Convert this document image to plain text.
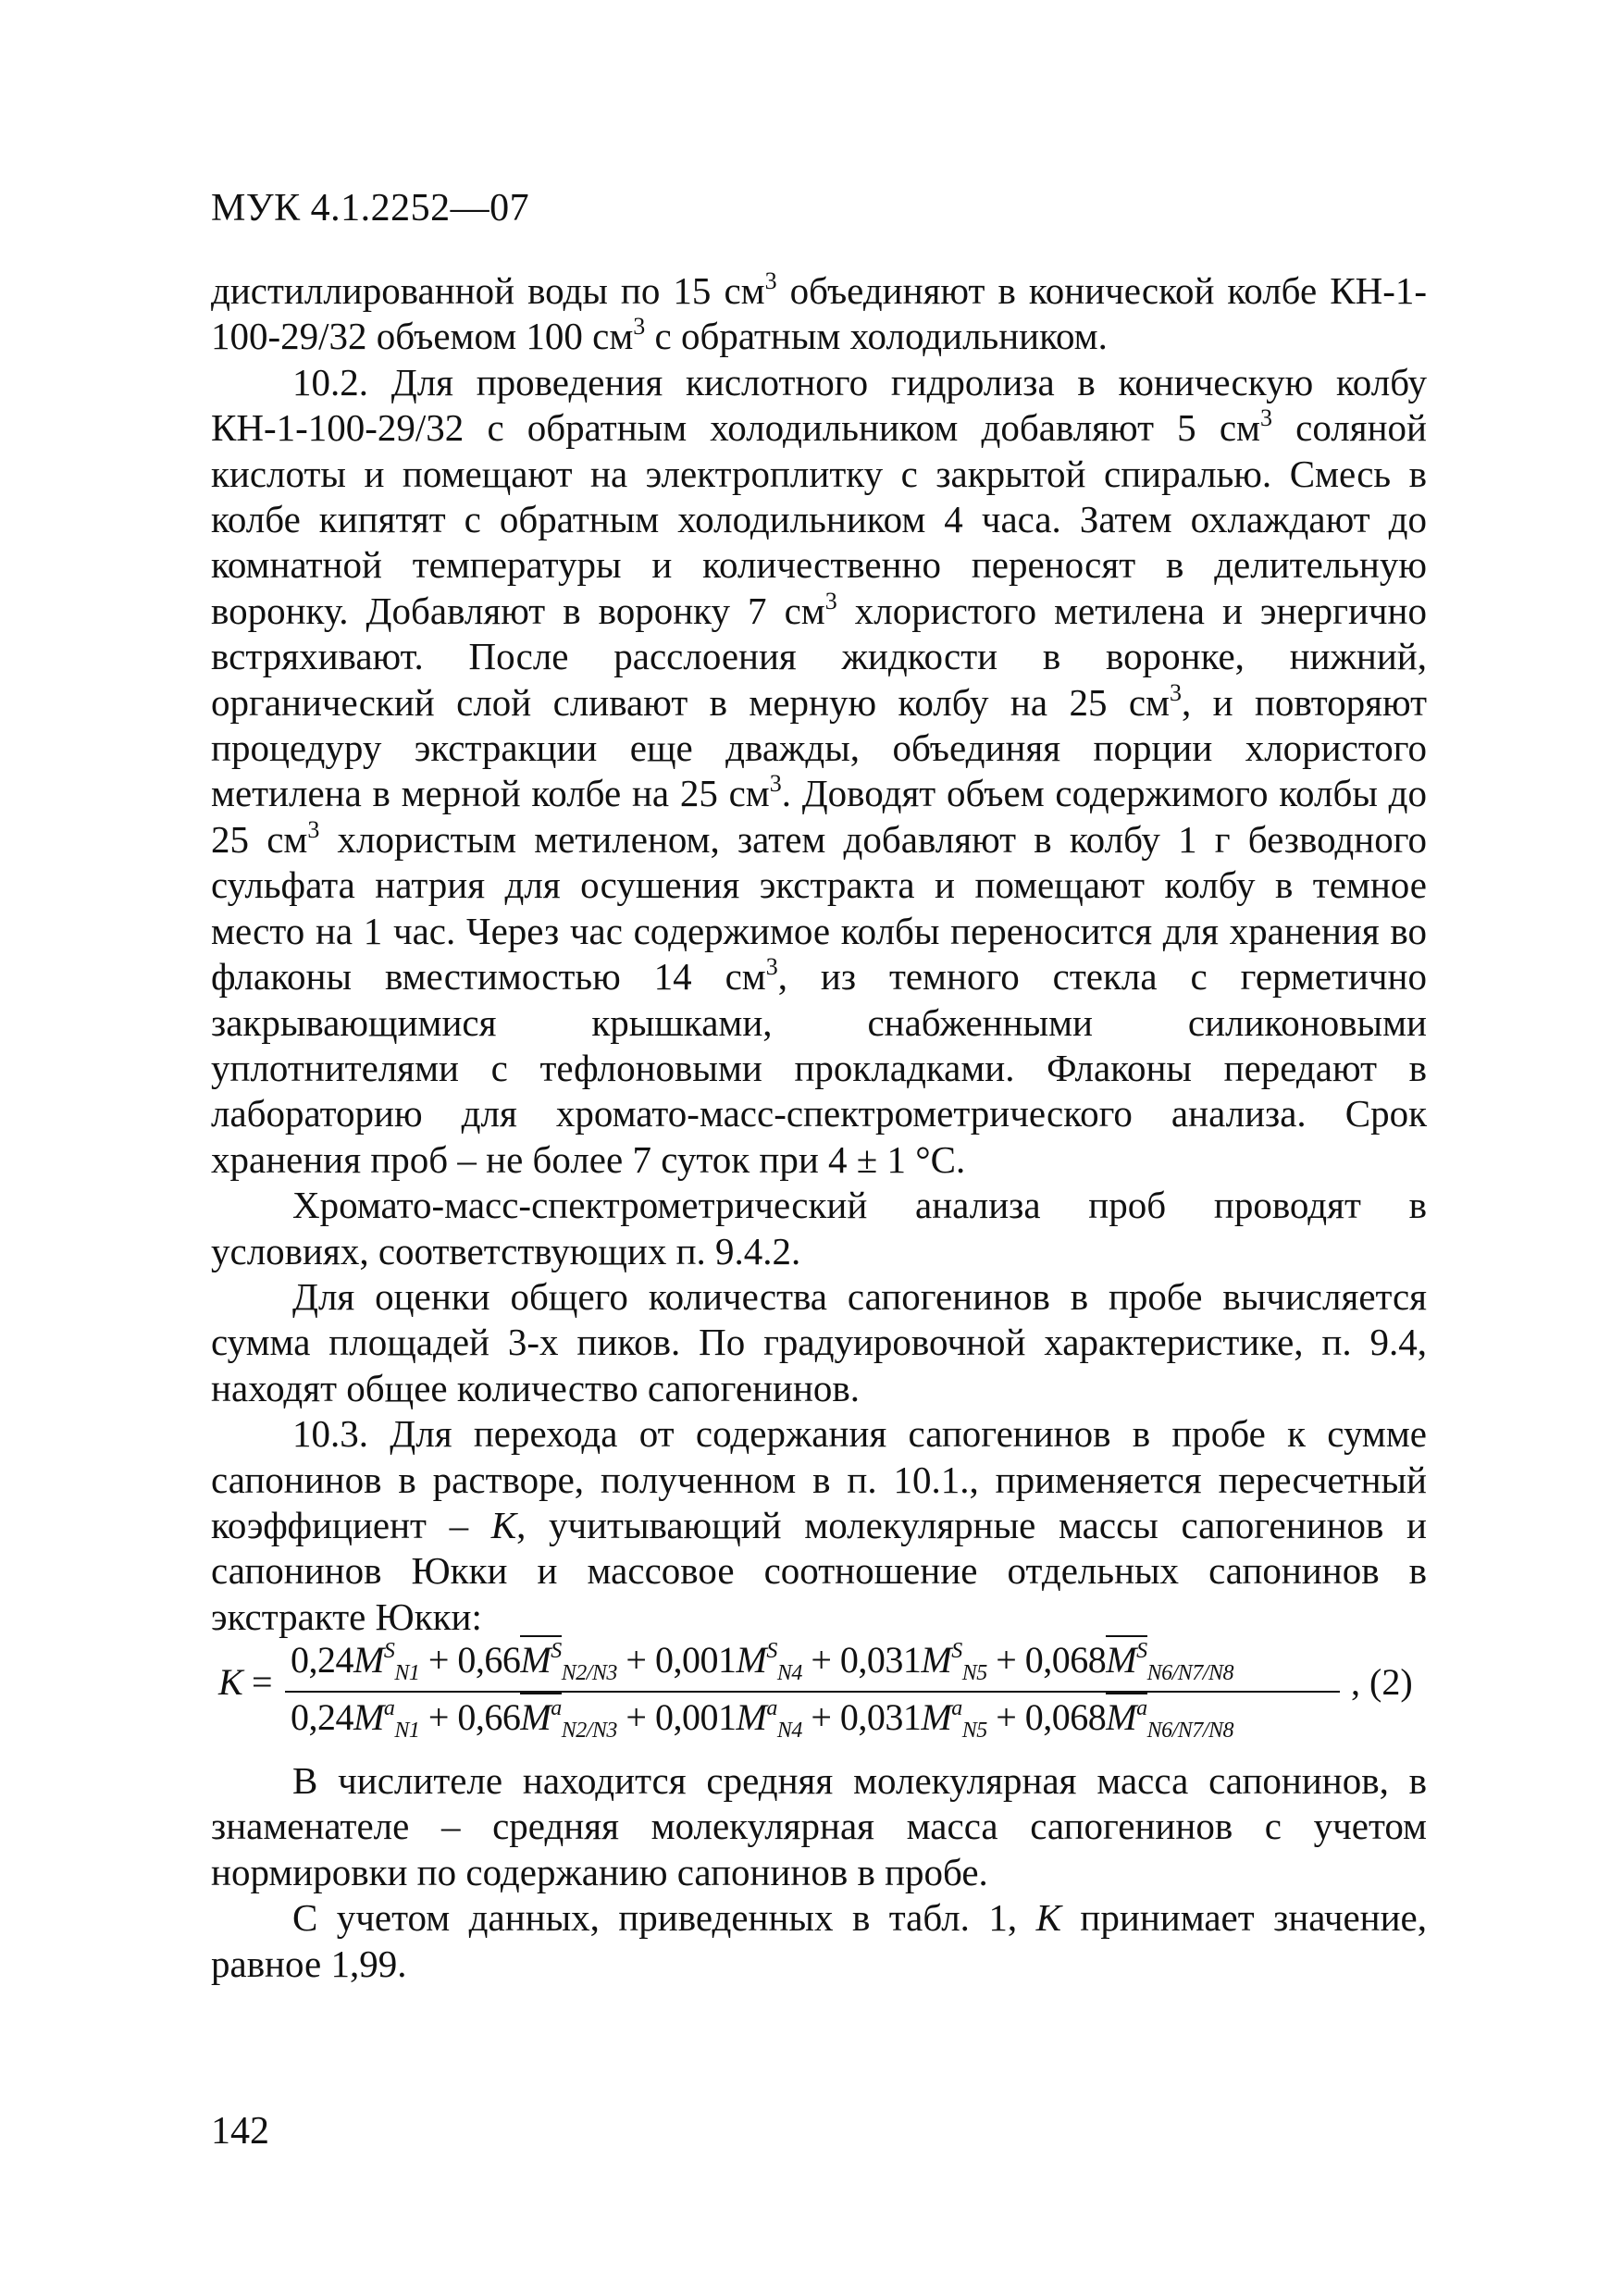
МУК 4.1.2252—07

дистиллированной воды по 15 $см^3$ объединяют в конической колбе КН-1-100-29/32 объемом 100 $см^3$ с обратным холодильником.

10.2. Для проведения кислотного гидролиза в коническую колбу КН-1-100-29/32 с обратным холодильником добавляют 5 $см^3$ соляной кислоты и помещают на электроплитку с закрытой спиралью. Смесь в колбе кипятят с обратным холодильником 4 часа. Затем охлаждают до комнатной температуры и количественно переносят в делительную воронку. Добавляют в воронку 7 $см^3$ хлористого метилена и энергично встряхивают. После расслоения жидкости в воронке, нижний, органический слой сливают в мерную колбу на 25 $см^3$, и повторяют процедуру экстракции еще дважды, объединяя порции хлористого метилена в мерной колбе на 25 $см^3$. Доводят объем содержимого колбы до 25 $см^3$ хлористым метиленом, затем добавляют в колбу 1 г безводного сульфата натрия для осушения экстракта и помещают колбу в темное место на 1 час. Через час содержимое колбы переносится для хранения во флаконы вместимостью 14 $см^3$, из темного стекла с герметично закрывающимися крышками, снабженными силиконовыми уплотнителями с тефлоновыми прокладками. Флаконы передают в лабораторию для хромато-масс-спектрометрического анализа. Срок хранения проб – не более 7 суток при 4 ± 1 °С.

Хромато-масс-спектрометрический анализа проб проводят в условиях, соответствующих п. 9.4.2.

Для оценки общего количества сапогенинов в пробе вычисляется сумма площадей 3-х пиков. По градуировочной характеристике, п. 9.4, находят общее количество сапогенинов.

10.3. Для перехода от содержания сапогенинов в пробе к сумме сапонинов в растворе, полученном в п. 10.1., применяется пересчетный коэффициент – K, учитывающий молекулярные массы сапогенинов и сапонинов Юкки и массовое соотношение отдельных сапонинов в экстракте Юкки:

K =
$0,24M^S_{N1} + 0,66M^S_{N2/N3} + 0,001M^S_{N4} + 0,031M^S_{N5} + 0,068M^S_{N6/N7/N8}$
$0,24M^a_{N1} + 0,66M^a_{N2/N3} + 0,001M^a_{N4} + 0,031M^a_{N5} + 0,068M^a_{N6/N7/N8}$
, (2)

В числителе находится средняя молекулярная масса сапонинов, в знаменателе – средняя молекулярная масса сапогенинов с учетом нормировки по содержанию сапонинов в пробе.

С учетом данных, приведенных в табл. 1, K принимает значение, равное 1,99.

142
